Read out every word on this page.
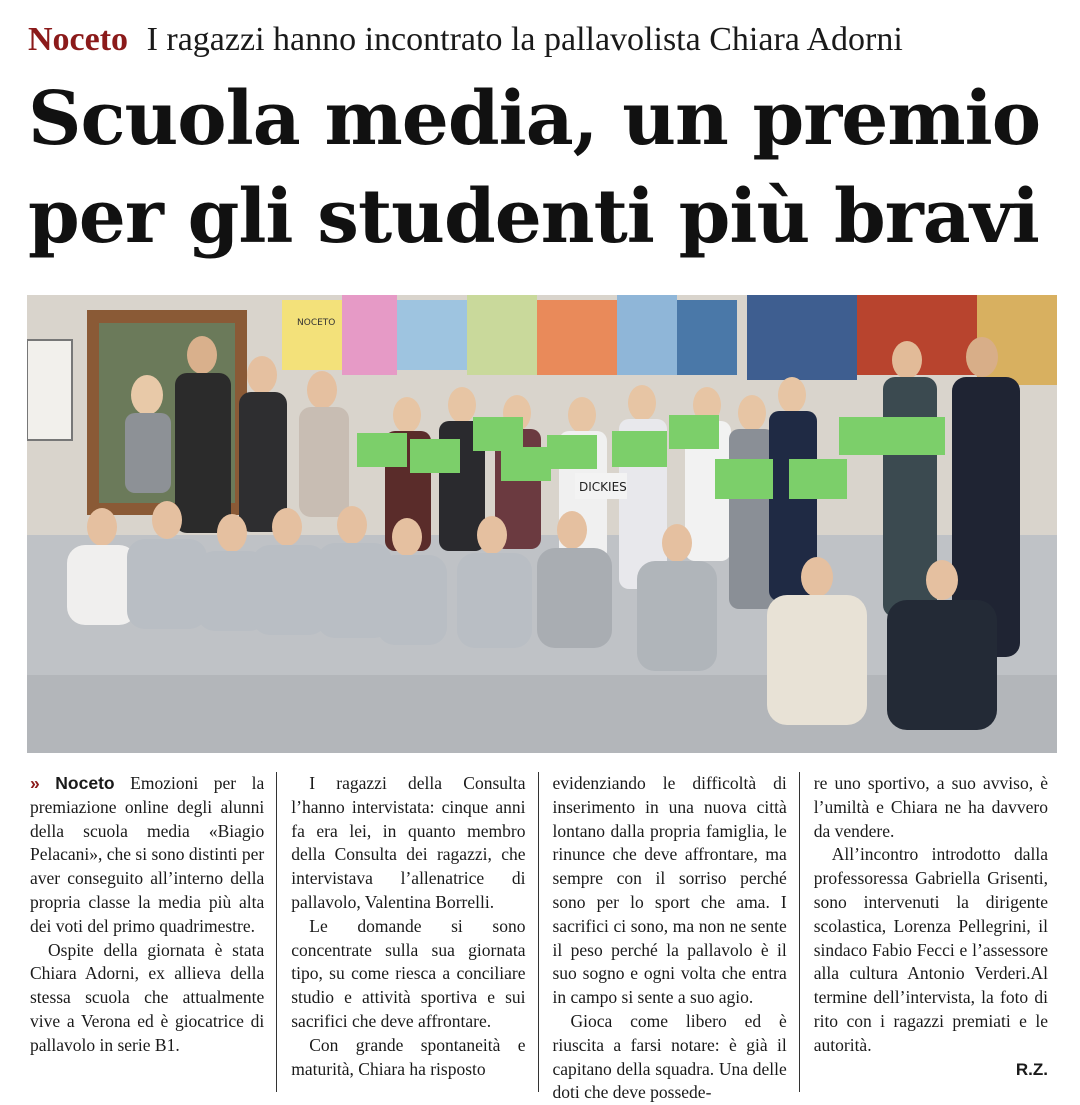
Noceto I ragazzi hanno incontrato la pallavolista Chiara Adorni
Scuola media, un premio per gli studenti più bravi
NOCETO
DICKIES

» Noceto Emozioni per la premiazione online degli alunni della scuola media «Biagio Pelacani», che si sono distinti per aver conseguito all’interno della propria classe la media più alta dei voti del primo quadrimestre.

Ospite della giornata è stata Chiara Adorni, ex allieva della stessa scuola che attualmente vive a Verona ed è giocatrice di pallavolo in serie B1.

I ragazzi della Consulta l’hanno intervistata: cinque anni fa era lei, in quanto membro della Consulta dei ragazzi, che intervistava l’allenatrice di pallavolo, Valentina Borrelli.

Le domande si sono concentrate sulla sua giornata tipo, su come riesca a conciliare studio e attività sportiva e sui sacrifici che deve affrontare.

Con grande spontaneità e maturità, Chiara ha risposto

evidenziando le difficoltà di inserimento in una nuova città lontano dalla propria famiglia, le rinunce che deve affrontare, ma sempre con il sorriso perché sono per lo sport che ama. I sacrifici ci sono, ma non ne sente il peso perché la pallavolo è il suo sogno e ogni volta che entra in campo si sente a suo agio.

Gioca come libero ed è riuscita a farsi notare: è già il capitano della squadra. Una delle doti che deve possede-

re uno sportivo, a suo avviso, è l’umiltà e Chiara ne ha davvero da vendere.

All’incontro introdotto dalla professoressa Gabriella Grisenti, sono intervenuti la dirigente scolastica, Lorenza Pellegrini, il sindaco Fabio Fecci e l’assessore alla cultura Antonio Verderi.Al termine dell’intervista, la foto di rito con i ragazzi premiati e le autorità.

R.Z.
